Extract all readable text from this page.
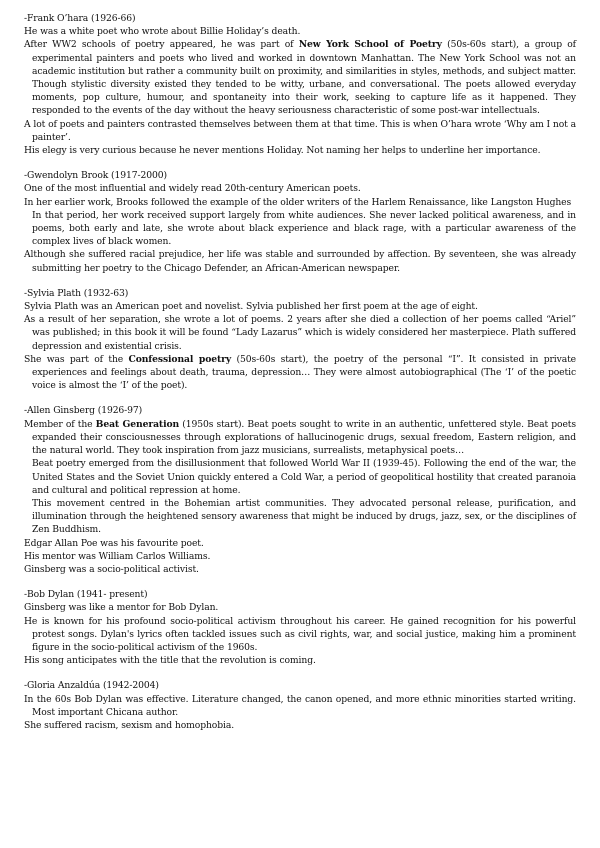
-Frank O’hara (1926-66)

He was a white poet who wrote about Billie Holiday’s death.

After WW2 schools of poetry appeared, he was part of New York School of Poetry (50s-60s start), a group of experimental painters and poets who lived and worked in downtown Manhattan. The New York School was not an academic institution but rather a community built on proximity, and similarities in styles, methods, and subject matter. Though stylistic diversity existed they tended to be witty, urbane, and conversational. The poets allowed everyday moments, pop culture, humour, and spontaneity into their work, seeking to capture life as it happened. They responded to the events of the day without the heavy seriousness characteristic of some post-war intellectuals.

A lot of poets and painters contrasted themselves between them at that time. This is when O’hara wrote ‘Why am I not a painter’.

His elegy is very curious because he never mentions Holiday. Not naming her helps to underline her importance.

-Gwendolyn Brook (1917-2000)

One of the most influential and widely read 20th-century American poets.

In her earlier work, Brooks followed the example of the older writers of the Harlem Renaissance, like Langston Hughes

In that period, her work received support largely from white audiences. She never lacked political awareness, and in poems, both early and late, she wrote about black experience and black rage, with a particular awareness of the complex lives of black women.

Although she suffered racial prejudice, her life was stable and surrounded by affection. By seventeen, she was already submitting her poetry to the Chicago Defender, an African-American newspaper.

-Sylvia Plath (1932-63)

Sylvia Plath was an American poet and novelist. Sylvia published her first poem at the age of eight.

As a result of her separation, she wrote a lot of poems. 2 years after she died a collection of her poems called “Ariel” was published; in this book it will be found “Lady Lazarus” which is widely considered her masterpiece. Plath suffered depression and existential crisis.

She was part of the Confessional poetry (50s-60s start), the poetry of the personal “I”. It consisted in private experiences and feelings about death, trauma, depression… They were almost autobiographical (The ‘I’ of the poetic voice is almost the ‘I’ of the poet).

-Allen Ginsberg (1926-97)

Member of the Beat Generation (1950s start). Beat poets sought to write in an authentic, unfettered style. Beat poets expanded their consciousnesses through explorations of hallucinogenic drugs, sexual freedom, Eastern religion, and the natural world. They took inspiration from jazz musicians, surrealists, metaphysical poets…

Beat poetry emerged from the disillusionment that followed World War II (1939-45). Following the end of the war, the United States and the Soviet Union quickly entered a Cold War, a period of geopolitical hostility that created paranoia and cultural and political repression at home.

This movement centred in the Bohemian artist communities. They advocated personal release, purification, and illumination through the heightened sensory awareness that might be induced by drugs, jazz, sex, or the disciplines of Zen Buddhism.

Edgar Allan Poe was his favourite poet.

His mentor was William Carlos Williams.

Ginsberg was a socio-political activist.

-Bob Dylan (1941- present)

Ginsberg was like a mentor for Bob Dylan.

He is known for his profound socio-political activism throughout his career. He gained recognition for his powerful protest songs. Dylan's lyrics often tackled issues such as civil rights, war, and social justice, making him a prominent figure in the socio-political activism of the 1960s.

His song anticipates with the title that the revolution is coming.

-Gloria Anzaldúa (1942-2004)

In the 60s Bob Dylan was effective. Literature changed, the canon opened, and more ethnic minorities started writing. Most important Chicana author.

She suffered racism, sexism and homophobia.
